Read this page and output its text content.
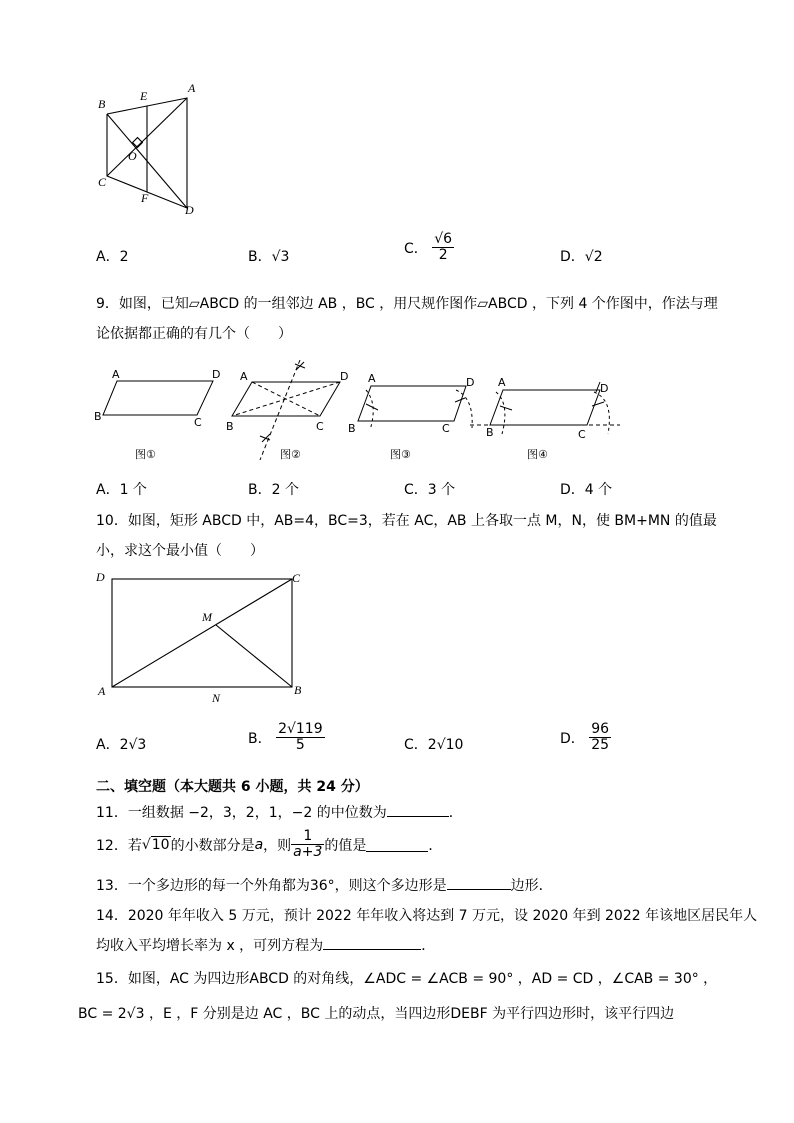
B
E
A
O
C
F
D
A．2	B．√3
C． $\frac{√6}{2}$	D．√2
9．如图，已知▱ABCD 的一组邻边 AB ，BC ，用尺规作图作▱ABCD ，下列 4 个作图中，作法与理
论依据都正确的有几个（　　）
A	D
B	C
A	D
B	C
A	D
B	C
A	D
B	C
图①	图②	图③	图④
A．1 个	B．2 个	C．3 个	D．4 个
10．如图，矩形 ABCD 中，AB=4，BC=3，若在 AC，AB 上各取一点 M，N，使 BM+MN 的值最
小，求这个最小值（　　）
D	C
M
A	B
N
A．2√3	B． $\frac{2√119}{5}$	C．2√10	D． $\frac{96}{25}$
二、填空题（本大题共 6 小题，共 24 分）
11．一组数据 −2，3，2，1，−2 的中位数为	．
12．若√10的小数部分是a，则 $\frac{1}{a+3}$ 的值是	．
13．一个多边形的每一个外角都为36°，则这个多边形是	边形．
14．2020 年年收入 5 万元，预计 2022 年年收入将达到 7 万元，设 2020 年到 2022 年该地区居民年人
均收入平均增长率为 x ，可列方程为	．
15．如图，AC 为四边形ABCD 的对角线，∠ADC = ∠ACB = 90° ，AD = CD ，∠CAB = 30° ，
BC = 2√3 ，E ，F 分别是边 AC ，BC 上的动点，当四边形DEBF 为平行四边形时，该平行四边
